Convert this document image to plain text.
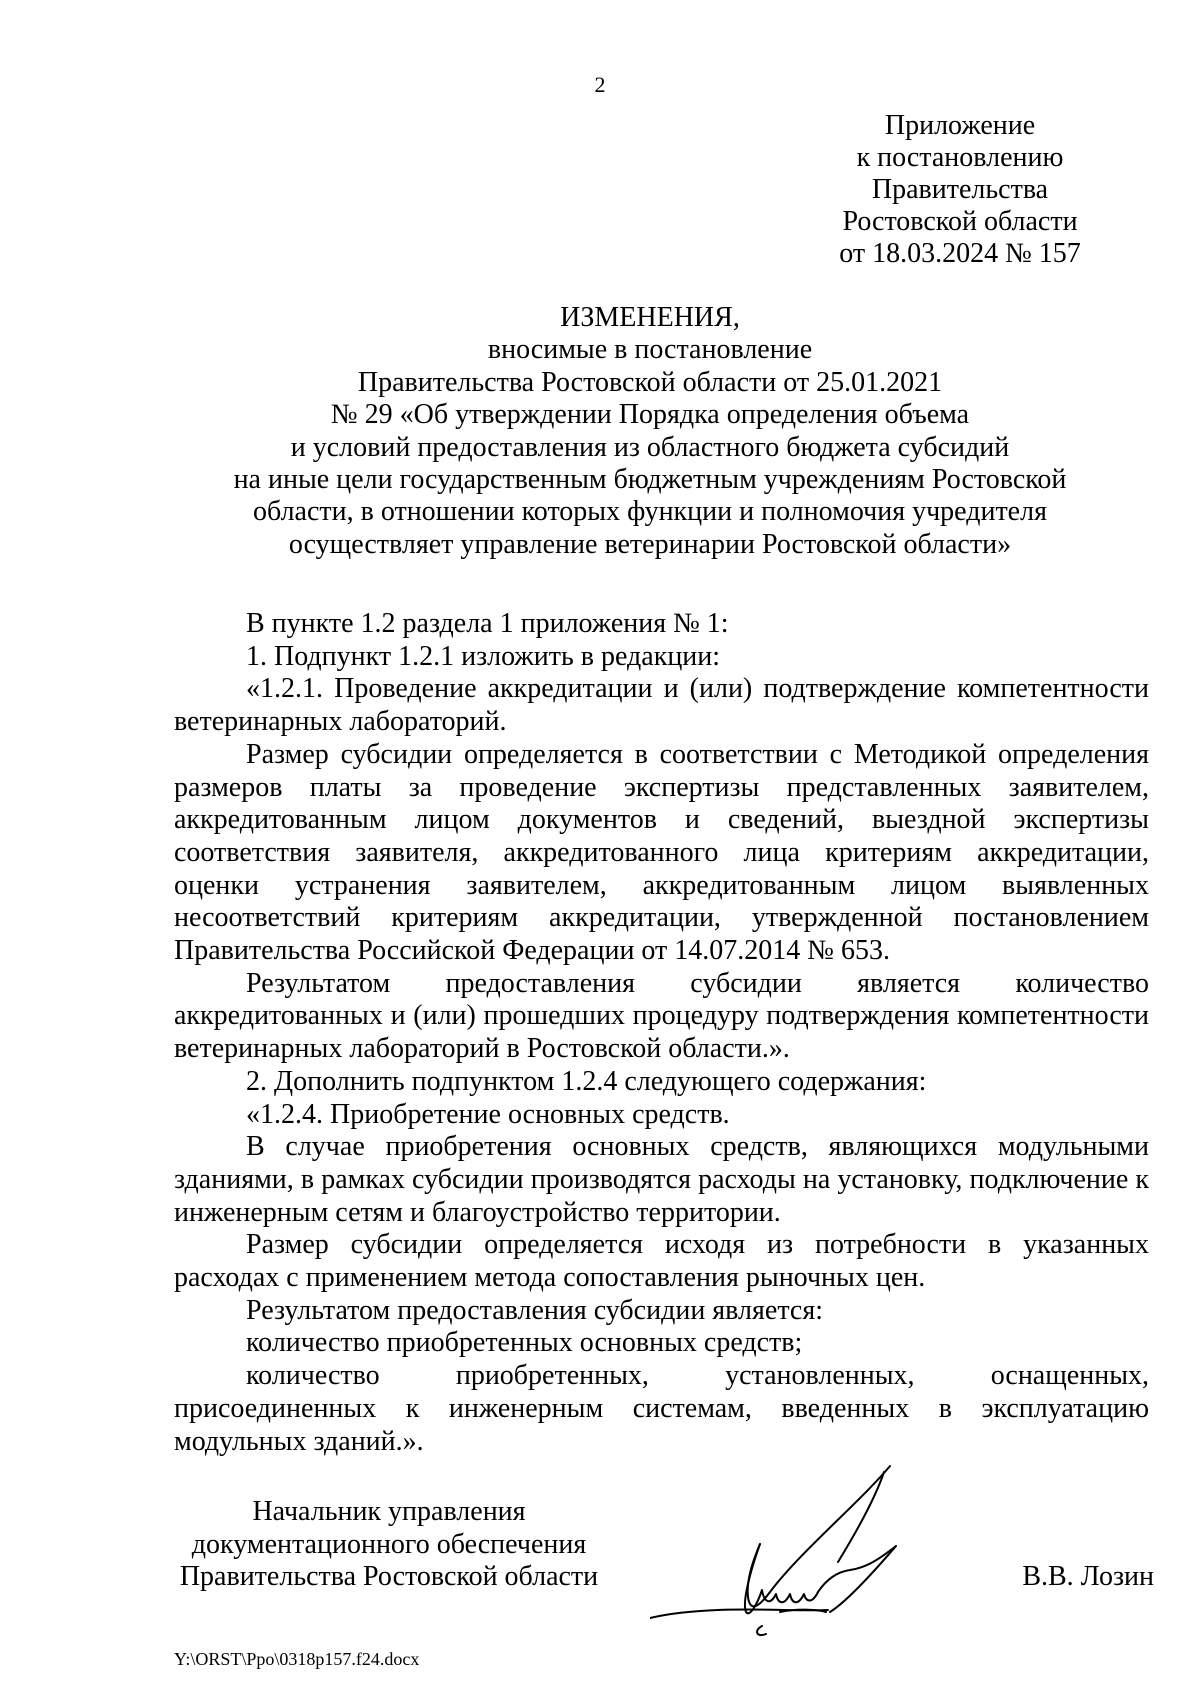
2
Приложение
к постановлению
Правительства
Ростовской области
от 18.03.2024 № 157
ИЗМЕНЕНИЯ,
вносимые в постановление
Правительства Ростовской области от 25.01.2021
№ 29 «Об утверждении Порядка определения объема
и условий предоставления из областного бюджета субсидий
на иные цели государственным бюджетным учреждениям Ростовской
области, в отношении которых функции и полномочия учредителя
осуществляет управление ветеринарии Ростовской области»

В пункте 1.2 раздела 1 приложения № 1:

1. Подпункт 1.2.1 изложить в редакции:

«1.2.1. Проведение аккредитации и (или) подтверждение компетентности ветеринарных лабораторий.

Размер субсидии определяется в соответствии с Методикой определения размеров платы за проведение экспертизы представленных заявителем, аккредитованным лицом документов и сведений, выездной экспертизы соответствия заявителя, аккредитованного лица критериям аккредитации, оценки устранения заявителем, аккредитованным лицом выявленных несоответствий критериям аккредитации, утвержденной постановлением Правительства Российской Федерации от 14.07.2014 № 653.

Результатом предоставления субсидии является количество аккредитованных и (или) прошедших процедуру подтверждения компетентности ветеринарных лабораторий в Ростовской области.».

2. Дополнить подпунктом 1.2.4 следующего содержания:

«1.2.4. Приобретение основных средств.

В случае приобретения основных средств, являющихся модульными зданиями, в рамках субсидии производятся расходы на установку, подключение к инженерным сетям и благоустройство территории.

Размер субсидии определяется исходя из потребности в указанных расходах с применением метода сопоставления рыночных цен.

Результатом предоставления субсидии является:

количество приобретенных основных средств;

количество приобретенных, установленных, оснащенных, присоединенных к инженерным системам, введенных в эксплуатацию модульных зданий.».

Начальник управления
документационного обеспечения
Правительства Ростовской области	В.В. Лозин
Y:\ORST\Ppo\0318p157.f24.docx
